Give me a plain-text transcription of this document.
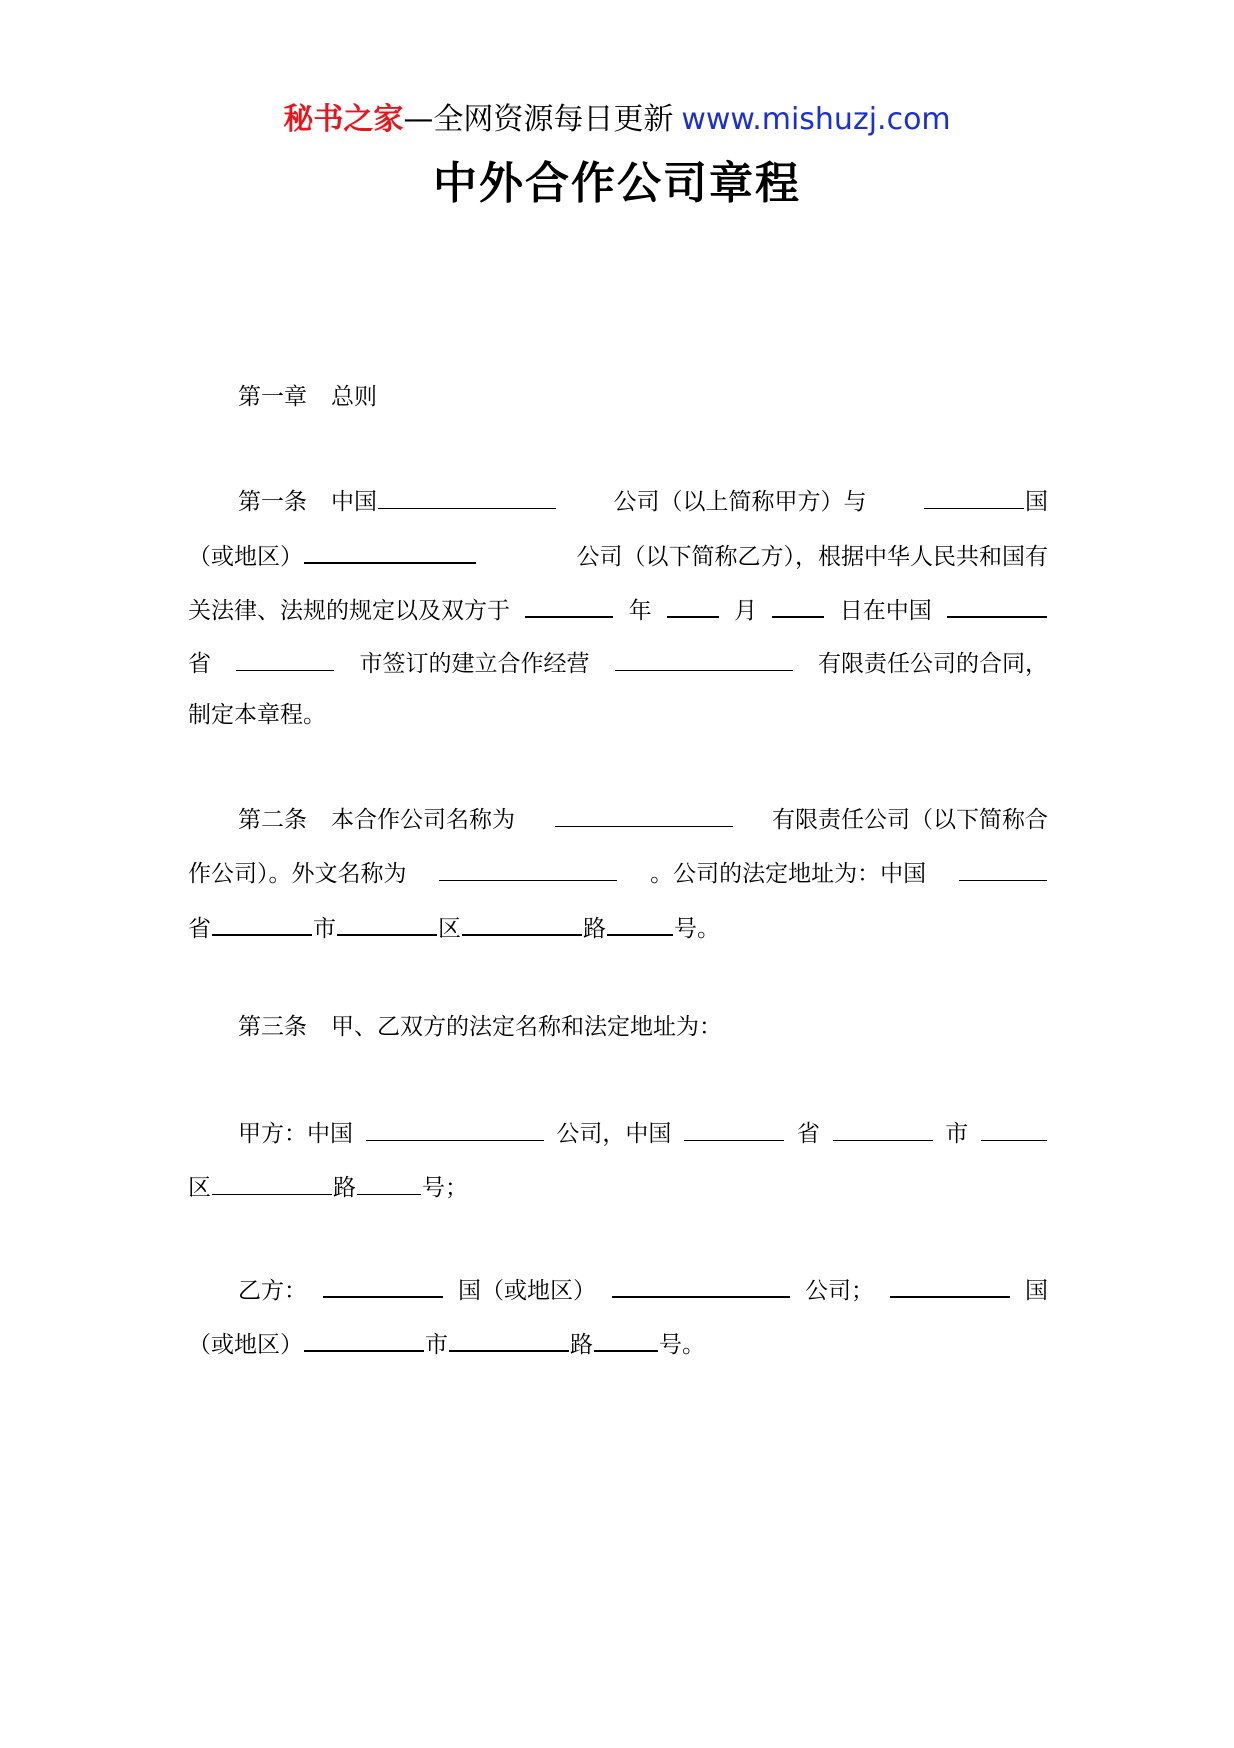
秘书之家—全网资源每日更新 www.mishuzj.com
中外合作公司章程
第一章 总则
第一条 中国	公司（以上简称甲方）与	国
（或地区）	公司（以下简称乙方），根据中华人民共和国有
关法律、法规的规定以及双方于	年	月	日在中国
省	市签订的建立合作经营	有限责任公司的合同，
制定本章程。
第二条 本合作公司名称为	有限责任公司（以下简称合
作公司）。外文名称为	。公司的法定地址为：中国
省	市	区	路	号。
第三条 甲、乙双方的法定名称和法定地址为：
甲方：中国	公司，中国	省	市
区	路	号；
乙方：	国（或地区）	公司；	国
（或地区）	市	路	号。
